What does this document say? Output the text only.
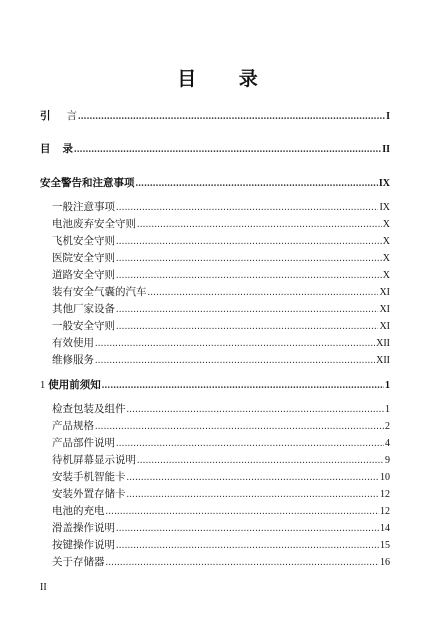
目 录
引 言 .....	I
目 录 .....	II
安全警告和注意事项 .....	IX
一般注意事项 .....	IX
电池废弃安全守则 .....	X
飞机安全守则 .....	X
医院安全守则 .....	X
道路安全守则 .....	X
装有安全气囊的汽车 .....	XI
其他厂家设备 .....	XI
一般安全守则 .....	XI
有效使用 .....	XII
维修服务 .....	XII
1 使用前须知 .....	1
检查包装及组件 .....	1
产品规格 .....	2
产品部件说明 .....	4
待机屏幕显示说明 .....	9
安装手机智能卡 .....	10
安装外置存储卡 .....	12
电池的充电 .....	12
滑盖操作说明 .....	14
按键操作说明 .....	15
关于存储器 .....	16
II
